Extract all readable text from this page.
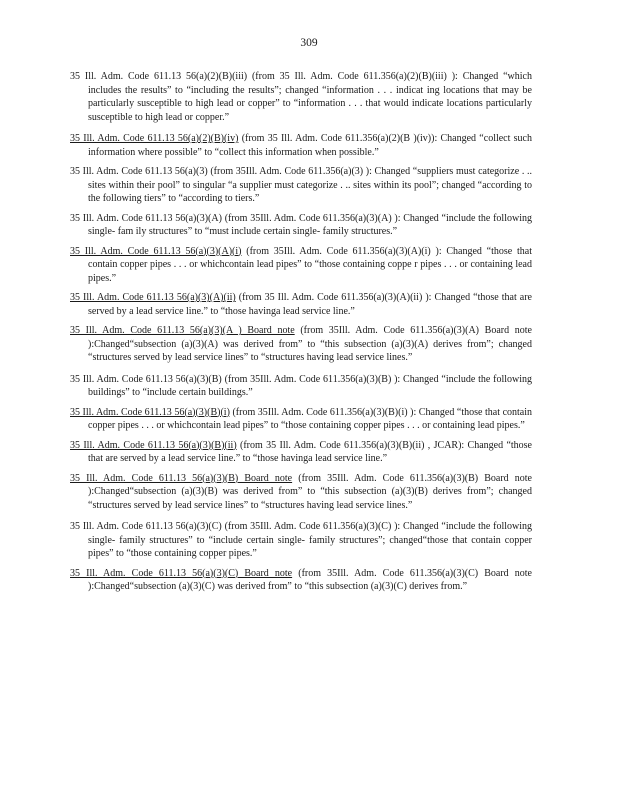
309

35 Ill. Adm. Code 611.13 56(a)(2)(B)(iii) (from 35 Ill. Adm. Code 611.356(a)(2)(B)(iii) ): Changed “which includes the results” to “including the results”; changed “information . . . indicat ing locations that may be particularly susceptible to high lead or copper” to “information . . . that would indicate locations particularly susceptible to high lead or copper.”

35 Ill. Adm. Code 611.13 56(a)(2)(B)(iv) (from 35 Ill. Adm. Code 611.356(a)(2)(B )(iv)): Changed “collect such information where possible” to “collect this information when possible.”

35 Ill. Adm. Code 611.13 56(a)(3) (from 35Ill. Adm. Code 611.356(a)(3) ): Changed “suppliers must categorize . .. sites within their pool” to singular “a supplier must categorize . .. sites within its pool”; changed “according to the following tiers” to “according to tiers.”

35 Ill. Adm. Code 611.13 56(a)(3)(A) (from 35Ill. Adm. Code 611.356(a)(3)(A) ): Changed “include the following single- fam ily structures” to “must include certain single- family structures.”

35 Ill. Adm. Code 611.13 56(a)(3)(A)(i) (from 35Ill. Adm. Code 611.356(a)(3)(A)(i) ): Changed “those that contain copper pipes . . . or whichcontain lead pipes” to “those containing coppe r pipes . . . or containing lead pipes.”

35 Ill. Adm. Code 611.13 56(a)(3)(A)(ii) (from 35 Ill. Adm. Code 611.356(a)(3)(A)(ii) ): Changed “those that are served by a lead service line.” to “those havinga lead service line.”

35 Ill. Adm. Code 611.13 56(a)(3)(A ) Board note (from 35Ill. Adm. Code 611.356(a)(3)(A) Board note ):Changed“subsection (a)(3)(A) was derived from” to “this subsection (a)(3)(A) derives from”; changed “structures served by lead service lines” to “structures having lead service lines.”

35 Ill. Adm. Code 611.13 56(a)(3)(B) (from 35Ill. Adm. Code 611.356(a)(3)(B) ): Changed “include the following buildings” to “include certain buildings.”

35 Ill. Adm. Code 611.13 56(a)(3)(B)(i) (from 35Ill. Adm. Code 611.356(a)(3)(B)(i) ): Changed “those that contain copper pipes . . . or whichcontain lead pipes” to “those containing copper pipes . . . or containing lead pipes.”

35 Ill. Adm. Code 611.13 56(a)(3)(B)(ii) (from 35 Ill. Adm. Code 611.356(a)(3)(B)(ii) , JCAR): Changed “those that are served by a lead service line.” to “those havinga lead service line.”

35 Ill. Adm. Code 611.13 56(a)(3)(B) Board note (from 35Ill. Adm. Code 611.356(a)(3)(B) Board note ):Changed“subsection (a)(3)(B) was derived from” to “this subsection (a)(3)(B) derives from”; changed “structures served by lead service lines” to “structures having lead service lines.”

35 Ill. Adm. Code 611.13 56(a)(3)(C) (from 35Ill. Adm. Code 611.356(a)(3)(C) ): Changed “include the following single- family structures” to “include certain single- family structures”; changed“those that contain copper pipes” to “those containing copper pipes.”

35 Ill. Adm. Code 611.13 56(a)(3)(C) Board note (from 35Ill. Adm. Code 611.356(a)(3)(C) Board note ):Changed“subsection (a)(3)(C) was derived from” to “this subsection (a)(3)(C) derives from.”
